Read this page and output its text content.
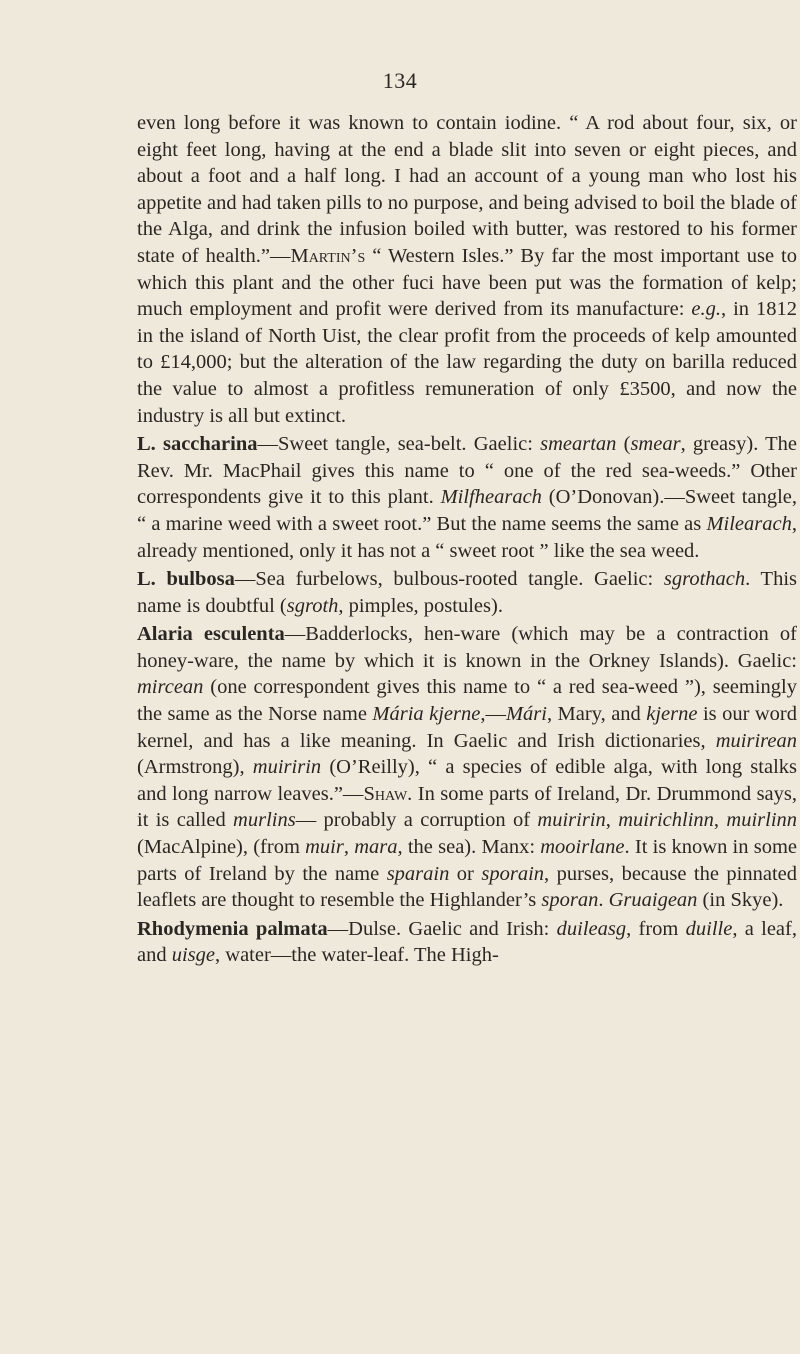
134

even long before it was known to contain iodine. “ A rod about four, six, or eight feet long, having at the end a blade slit into seven or eight pieces, and about a foot and a half long. I had an account of a young man who lost his appetite and had taken pills to no purpose, and being advised to boil the blade of the Alga, and drink the infusion boiled with butter, was restored to his former state of health.”—Martin’s “ Western Isles.” By far the most important use to which this plant and the other fuci have been put was the formation of kelp; much employment and profit were derived from its manufacture: e.g., in 1812 in the island of North Uist, the clear profit from the proceeds of kelp amounted to £14,000; but the alteration of the law regarding the duty on barilla reduced the value to almost a profitless remuneration of only £3500, and now the industry is all but extinct.

L. saccharina—Sweet tangle, sea-belt. Gaelic: smeartan (smear, greasy). The Rev. Mr. MacPhail gives this name to “ one of the red sea-weeds.” Other correspondents give it to this plant. Milfhearach (O’Donovan).—Sweet tangle, “ a marine weed with a sweet root.” But the name seems the same as Milearach, already mentioned, only it has not a “ sweet root ” like the sea weed.

L. bulbosa—Sea furbelows, bulbous-rooted tangle. Gaelic: sgrothach. This name is doubtful (sgroth, pimples, postules).

Alaria esculenta—Badderlocks, hen-ware (which may be a contraction of honey-ware, the name by which it is known in the Orkney Islands). Gaelic: mircean (one correspondent gives this name to “ a red sea-weed ”), seemingly the same as the Norse name Mária kjerne,—Mári, Mary, and kjerne is our word kernel, and has a like meaning. In Gaelic and Irish dictionaries, muirirean (Armstrong), muiririn (O’Reilly), “ a species of edible alga, with long stalks and long narrow leaves.”—Shaw. In some parts of Ireland, Dr. Drummond says, it is called murlins— probably a corruption of muiririn, muirichlinn, muirlinn (MacAlpine), (from muir, mara, the sea). Manx: mooirlane. It is known in some parts of Ireland by the name sparain or sporain, purses, because the pinnated leaflets are thought to resemble the Highlander’s sporan. Gruaigean (in Skye).

Rhodymenia palmata—Dulse. Gaelic and Irish: duileasg, from duille, a leaf, and uisge, water—the water-leaf. The High-
